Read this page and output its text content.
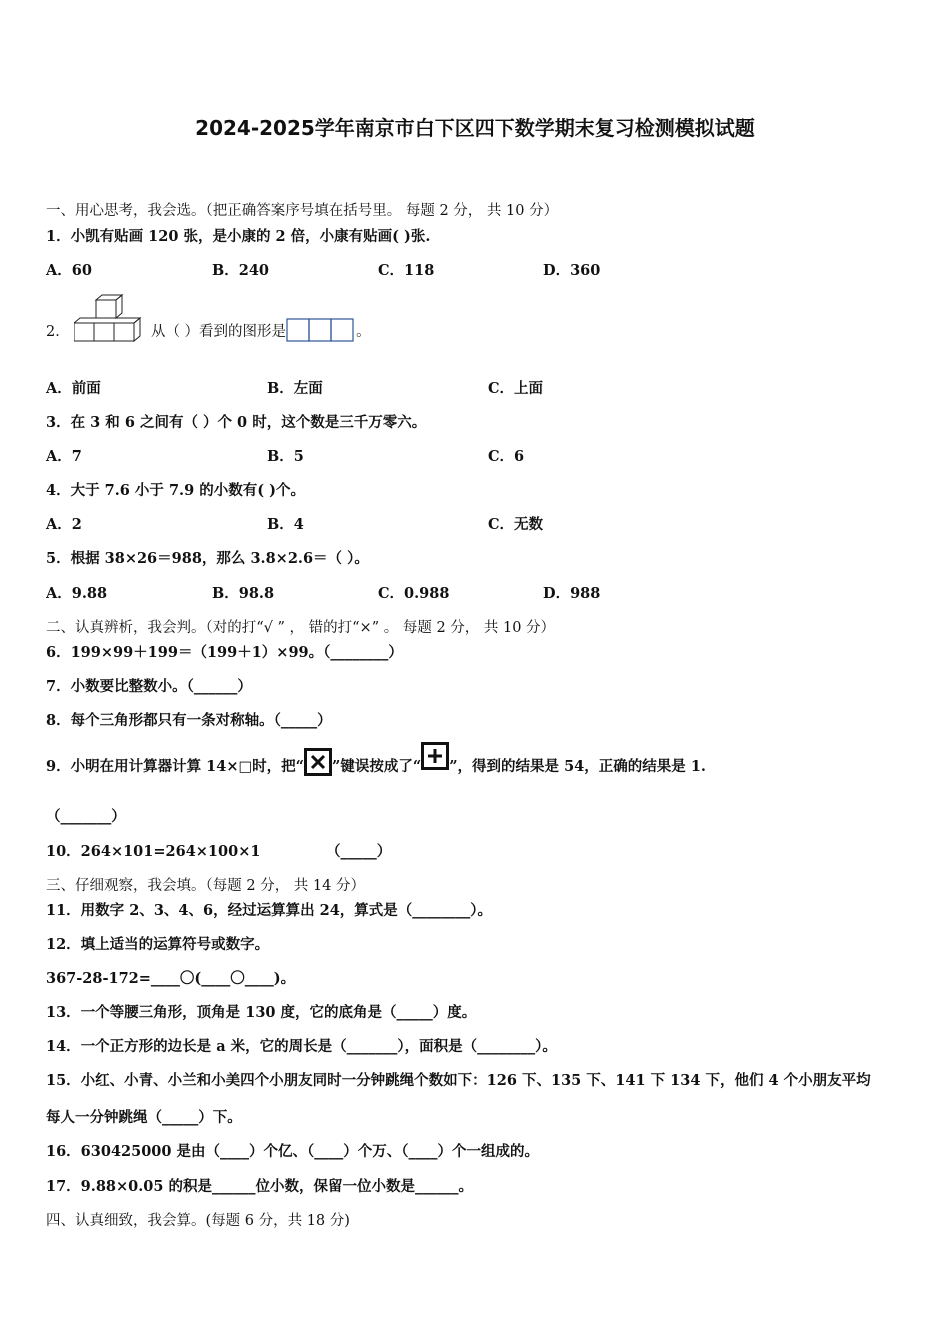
2024-2025学年南京市白下区四下数学期末复习检测模拟试题
一、用心思考，我会选。（把正确答案序号填在括号里。 每题 2 分， 共 10 分）
1．小凯有贴画 120 张，是小康的 2 倍，小康有贴画( )张.
A．60	B．240	C．118	D．360
2．	从（ ）看到的图形是	。
A．前面	B．左面	C．上面
3．在 3 和 6 之间有（ ）个 0 时，这个数是三千万零六。
A．7	B．5	C．6
4．大于 7.6 小于 7.9 的小数有( )个。
A．2	B．4	C．无数
5．根据 38×26＝988，那么 3.8×2.6＝（ ）。
A．9.88	B．98.8	C．0.988	D．988
二、认真辨析，我会判。（对的打“√ ” ， 错的打“×” 。 每题 2 分， 共 10 分）
6．199×99＋199＝（199＋1）×99。（________）
7．小数要比整数小。（______）
8．每个三角形都只有一条对称轴。（_____）
9．小明在用计算器计算 14×□时，把“ ”键误按成了“ ”，得到的结果是 54，正确的结果是 1.
（_______）
10．264×101=264×100×1	（_____）
三、仔细观察，我会填。（每题 2 分， 共 14 分）
11．用数字 2、3、4、6，经过运算算出 24，算式是（________）。
12．填上适当的运算符号或数字。
367-28-172=____〇(____〇____)。
13．一个等腰三角形，顶角是 130 度，它的底角是（_____）度。
14．一个正方形的边长是 a 米，它的周长是（_______），面积是（________）。
15．小红、小青、小兰和小美四个小朋友同时一分钟跳绳个数如下：126 下、135 下、141 下 134 下，他们 4 个小朋友平均
每人一分钟跳绳（_____）下。
16．630425000 是由（____）个亿、（____）个万、（____）个一组成的。
17．9.88×0.05 的积是______位小数，保留一位小数是______。
四、认真细致，我会算。(每题 6 分，共 18 分)
